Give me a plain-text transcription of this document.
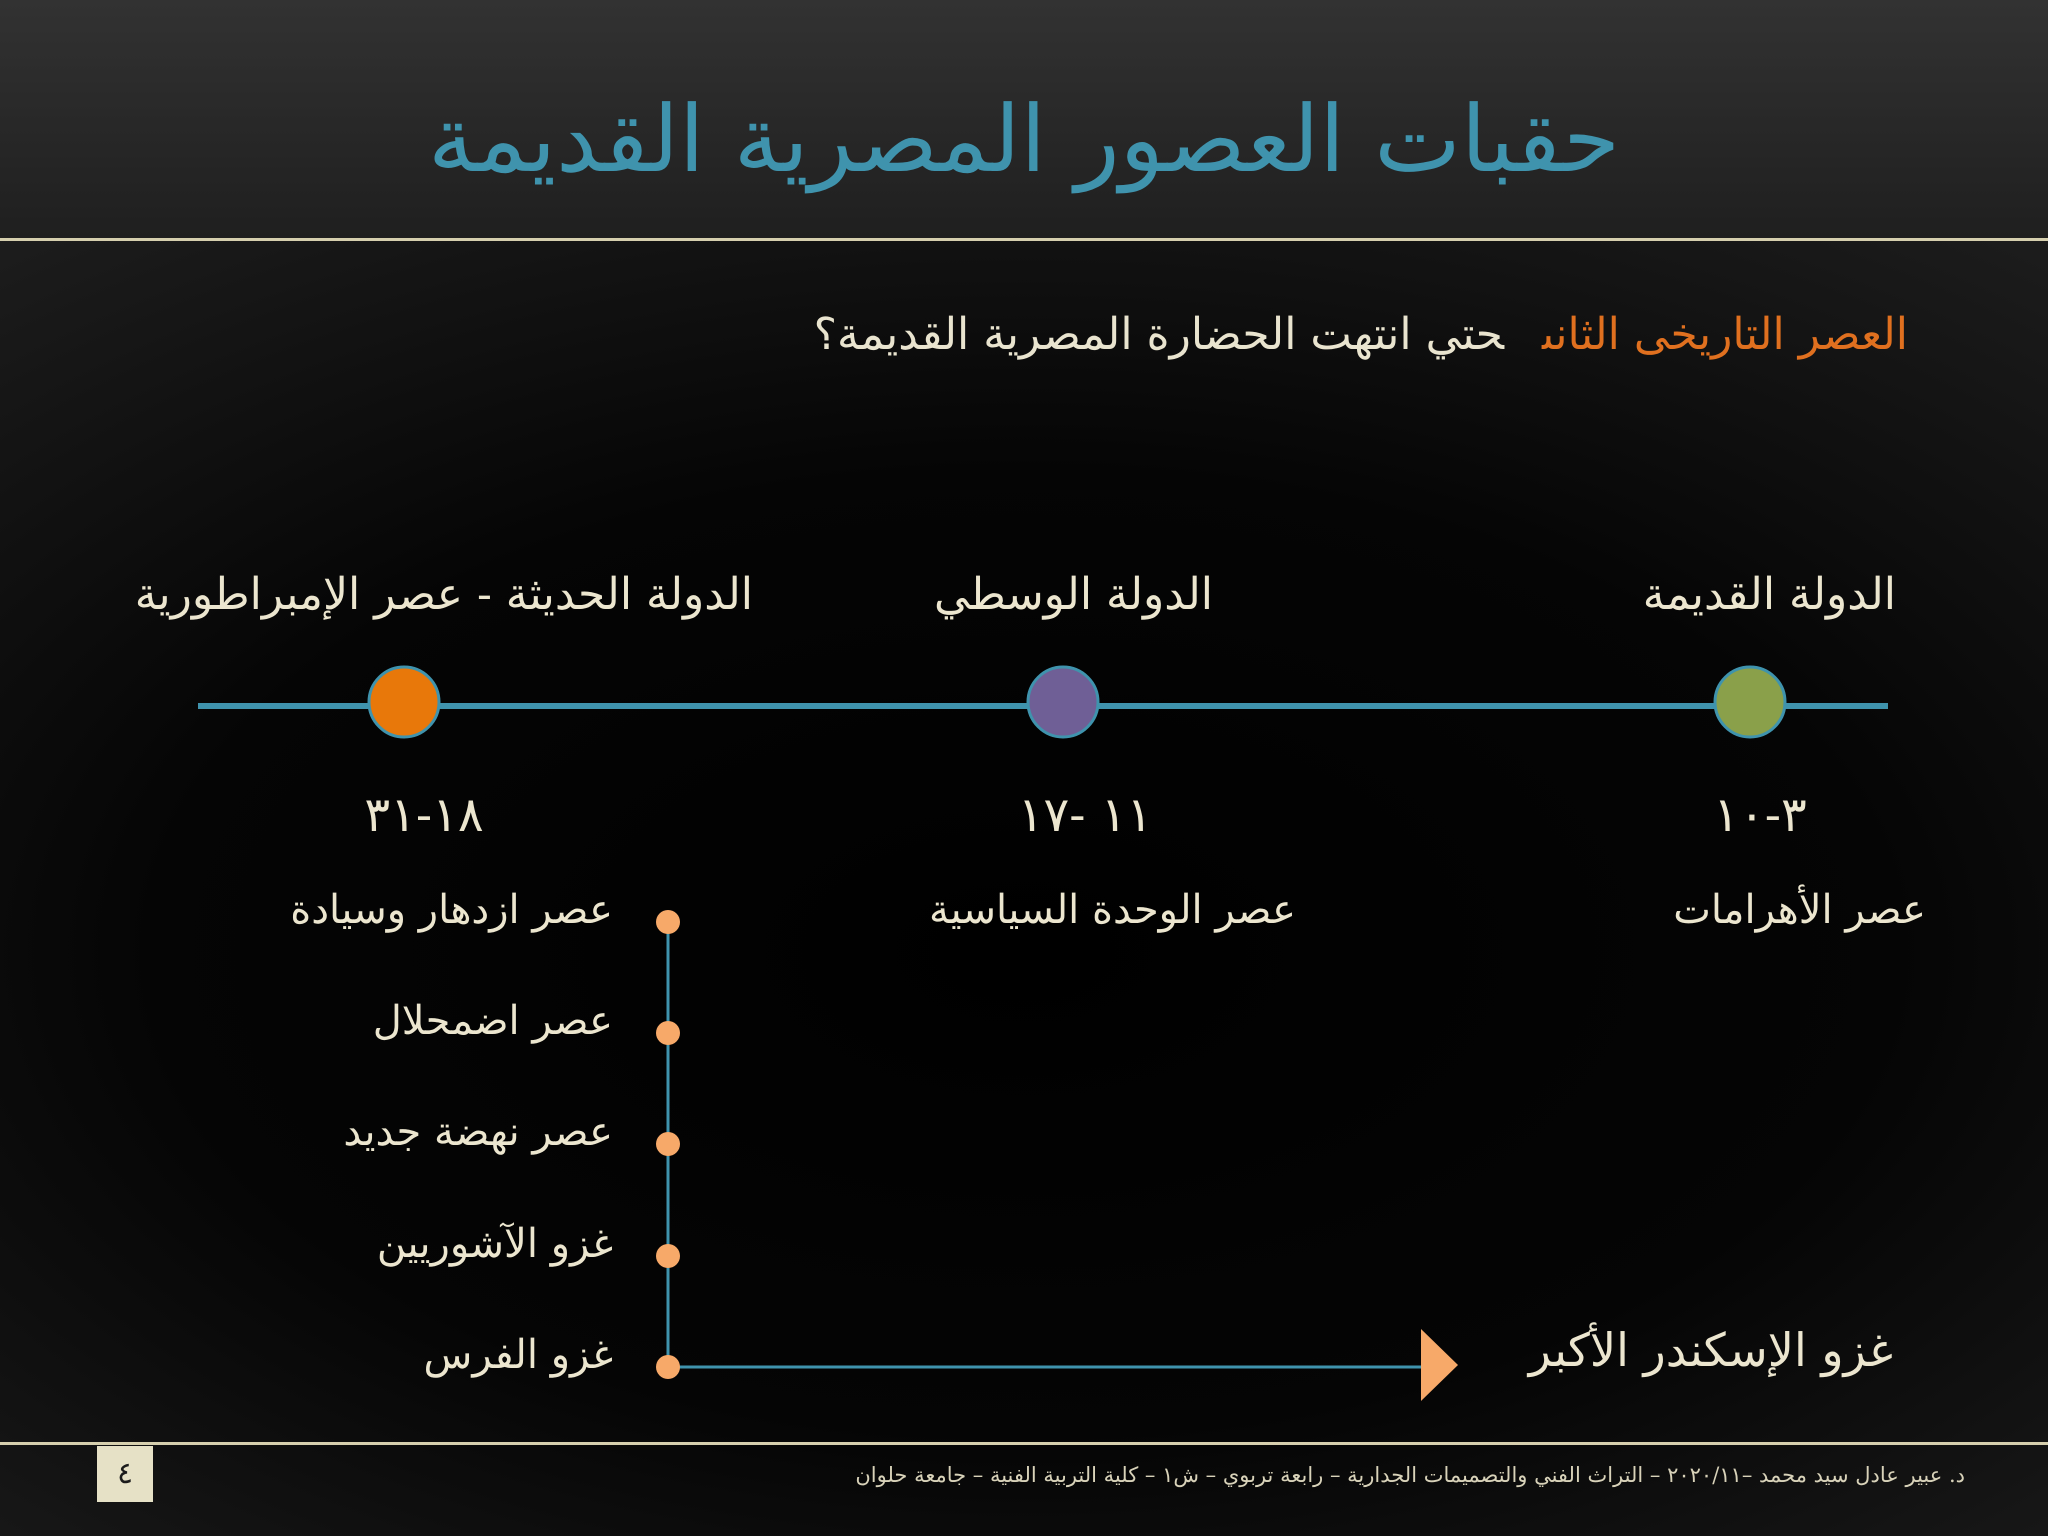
حقبات العصور المصرية القديمة
العصر التاريخى الثانىحتي انتهت الحضارة المصرية القديمة؟
الدولة القديمة
الدولة الوسطي
الدولة الحديثة - عصر الإمبراطورية
٣-١٠
١١ -١٧
١٨-٣١
عصر الأهرامات
عصر الوحدة السياسية
عصر ازدهار وسيادة
عصر اضمحلال
عصر نهضة جديد
غزو الآشوريين
غزو الفرس	غزو الإسكندر الأكبر
٤	د. عبير عادل سيد محمد –٢٠٢٠/١١ – التراث الفني والتصميمات الجدارية – رابعة تربوي – ش١ – كلية التربية الفنية – جامعة حلوان
